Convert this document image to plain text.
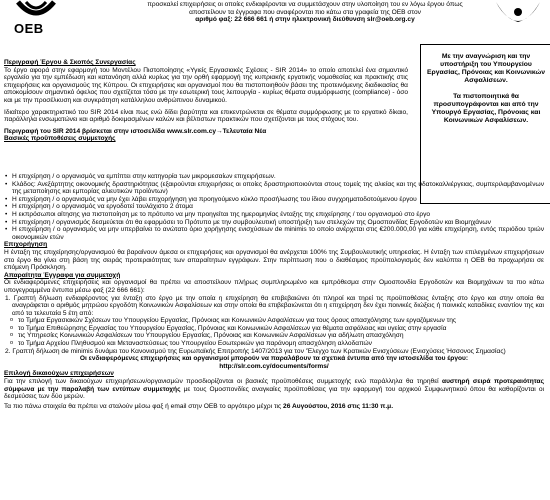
OEB
προσκαλεί επιχειρήσεις οι οποίες ενδιαφέρονται να συμμετάσχουν στην υλοποίηση του εν λόγω έργου όπως
αποστείλουν τα έγγραφα που αναφέρονται πιο κάτω στα γραφεία της ΟΕΒ στον
αριθμό φαξ: 22 666 661 ή στην ηλεκτρονική διεύθυνση slr@oeb.org.cy

Με την αναγνώριση και την υποστήριξη του Υπουργείου Εργασίας, Πρόνοιας και Κοινωνικών Ασφαλίσεων.

Τα πιστοποιητικά θα προσυπογράφονται και από την Υπουργό Εργασίας, Πρόνοιας και Κοινωνικών Ασφαλίσεων.

Περιγραφή Έργου & Σκοπός Συνεργασίας

Το έργο αφορά στην εφαρμογή του Μοντέλου Πιστοποίησης «Υγιείς Εργασιακές Σχέσεις - SIR 2014» το οποίο αποτελεί ένα σημαντικό εργαλείο για την εμπέδωση και κατανόηση αλλά κυρίως για την ορθή εφαρμογή της κυπριακής εργατικής νομοθεσίας και πρακτικής στις επιχειρήσεις και οργανισμούς της Κύπρου. Οι επιχειρήσεις και οργανισμοί που θα πιστοποιηθούν βάσει της προτεινόμενης διαδικασίας θα αποκομίσουν σημαντικό όφελος που σχετίζεται τόσο με την εσωτερική τους λειτουργία - κυρίως θέματα συμμόρφωσης (compliance) - όσο και με την προσέλκυση και συγκράτηση κατάλληλου ανθρώπινου δυναμικού.

Ιδιαίτερο χαρακτηριστικό του SIR 2014 είναι πως ενώ δίδει βαρύτητα και επικεντρώνεται σε θέματα συμμόρφωσης με το εργατικό δίκαιο, παράλληλα ενσωματώνει και αριθμό δοκιμασμένων καλών και βέλτιστων πρακτικών που σχετίζονται με τους στόχους του.

Περιγραφή του SIR 2014 βρίσκεται στην ιστοσελίδα www.slr.com.cy→Τελευταία Νέα
Βασικές προϋποθέσεις συμμετοχής
• Η επιχείρηση / ο οργανισμός να εμπίπτει στην κατηγορία των μικρομεσαίων επιχειρήσεων.
• Κλάδος: Ανεξάρτητης οικονομικής δραστηριότητας (εξαιρούνται επιχειρήσεις οι οποίες δραστηριοποιούνται στους τομείς της αλιείας και της υδατοκαλλιέργειας, συμπεριλαμβανομένων της μεταποίησης και εμπορίας αλιευτικών προϊόντων)
• Η επιχείρηση / ο οργανισμός να μην έχει λάβει επιχορήγηση για προηγούμενο κύκλο προσήλωσης του ίδιου συγχρηματοδοτούμενου έργου
• Η επιχείρηση / ο οργανισμός να εργοδοτεί τουλάχιστο 2 άτομα
• Η εκπρόσωποι αίτησης για πιστοποίηση με το πρότυπο να μην προηγείται της ημερομηνίας ένταξης της επιχείρησης / του οργανισμού στο έργο
• Η επιχείρηση / οργανισμός δεσμεύεται ότι θα εφαρμόσει το Πρότυπο με την συμβουλευτική υποστήριξη των στελεχών της Ομοσπονδίας Εργοδοτών και Βιομηχάνων
• Η επιχείρηση / ο οργανισμός να μην υπερβαίνει το ανώτατο όριο χορήγησης ενισχύσεων de minimis το οποίο ανέρχεται στις €200.000,00 για κάθε επιχείρηση, εντός περιόδου τριών οικονομικών ετών
Επιχορήγηση

Η ένταξη της επιχείρησης/οργανισμού θα βαραίνουν άμεσα οι επιχειρήσεις και οργανισμοί θα ανέρχεται 100% της Συμβουλευτικής υπηρεσίας. Η ένταξη των επιλεγμένων επιχειρήσεων στο έργο θα γίνει στη βάση της σειράς προτεραιότητας των απαραίτητων εγγράφων. Στην περίπτωση που ο διαθέσιμος προϋπολογισμός δεν καλύπτει η ΟΕΒ θα προχωρήσει σε επόμενη Πρόσκληση.

Απαραίτητα Έγγραφα για συμμετοχή

Οι ενδιαφερόμενες επιχειρήσεις και οργανισμοί θα πρέπει να αποστείλουν πλήρως συμπληρωμένο και εμπρόθεσμα στην Ομοσπονδία Εργοδοτών και Βιομηχάνων τα πιο κάτω υπογεγραμμένα έντυπα μέσω φαξ (22 666 661):

1. Γραπτή δήλωση ενδιαφέροντος για ένταξη στο έργο με την οποία η επιχείρηση θα επιβεβαιώνει ότι πληροί και τηρεί τις προϋποθέσεις ένταξης στο έργο και στην οποία θα αναγράφεται ο αριθμός μητρώου εργοδότη Κοινωνικών Ασφαλίσεων και στην οποία θα επιβεβαιώνεται ότι η επιχείρηση δεν έχει ποινικές διώξεις ή ποινικές καταδίκες εναντίον της και από τα τελευταία 5 έτη από:

o το Τμήμα Εργασιακών Σχέσεων του Υπουργείου Εργασίας, Πρόνοιας και Κοινωνικών Ασφαλίσεων για τους όρους απασχόλησης των εργαζόμενων της
o το Τμήμα Επιθεώρησης Εργασίας του Υπουργείου Εργασίας, Πρόνοιας και Κοινωνικών Ασφαλίσεων για θέματα ασφάλειας και υγείας στην εργασία
o τις Υπηρεσίες Κοινωνικών Ασφαλίσεων του Υπουργείου Εργασίας, Πρόνοιας και Κοινωνικών Ασφαλίσεων για αδήλωτη απασχόληση
o το Τμήμα Αρχείου Πληθυσμού και Μεταναστεύσεως του Υπουργείου Εσωτερικών για παράνομη απασχόληση αλλοδαπών

2. Γραπτή δήλωση de minimis δυνάμει του Κανονισμού της Ευρωπαϊκής Επιτροπής 1407/2013 για τον 'Έλεγχο των Κρατικών Ενισχύσεων (Ενισχύσεις Ήσσονος Σημασίας)

Οι ενδιαφερόμενες επιχειρήσεις και οργανισμοί μπορούν να παραλάβουν τα σχετικά έντυπα από την ιστοσελίδα του έργου:
http://slr.com.cy/documents/forms/
Επιλογή δικαιούχων επιχειρήσεων

Για την επιλογή των δικαιούχων επιχειρήσεων/οργανισμών προσδιορίζονται οι βασικές προϋποθέσεις συμμετοχής ενώ παράλληλα θα τηρηθεί αυστηρή σειρά προτεραιότητας σύμφωνα με την παραλαβή των εντύπων συμμετοχής με τους Ομοσπονδίες αναγκαίες προϋποθέσεις για την εφαρμογή του αρχικού Συμφωνητικού όπου θα καθορίζονται οι δεσμεύσεις των δύο μερών.

Τα πιο πάνω στοιχεία θα πρέπει να σταλούν μέσω φαξ ή email στην ΟΕΒ το αργότερο μέχρι τις 26 Αυγούστου, 2016 στις 11:30 π.μ.
